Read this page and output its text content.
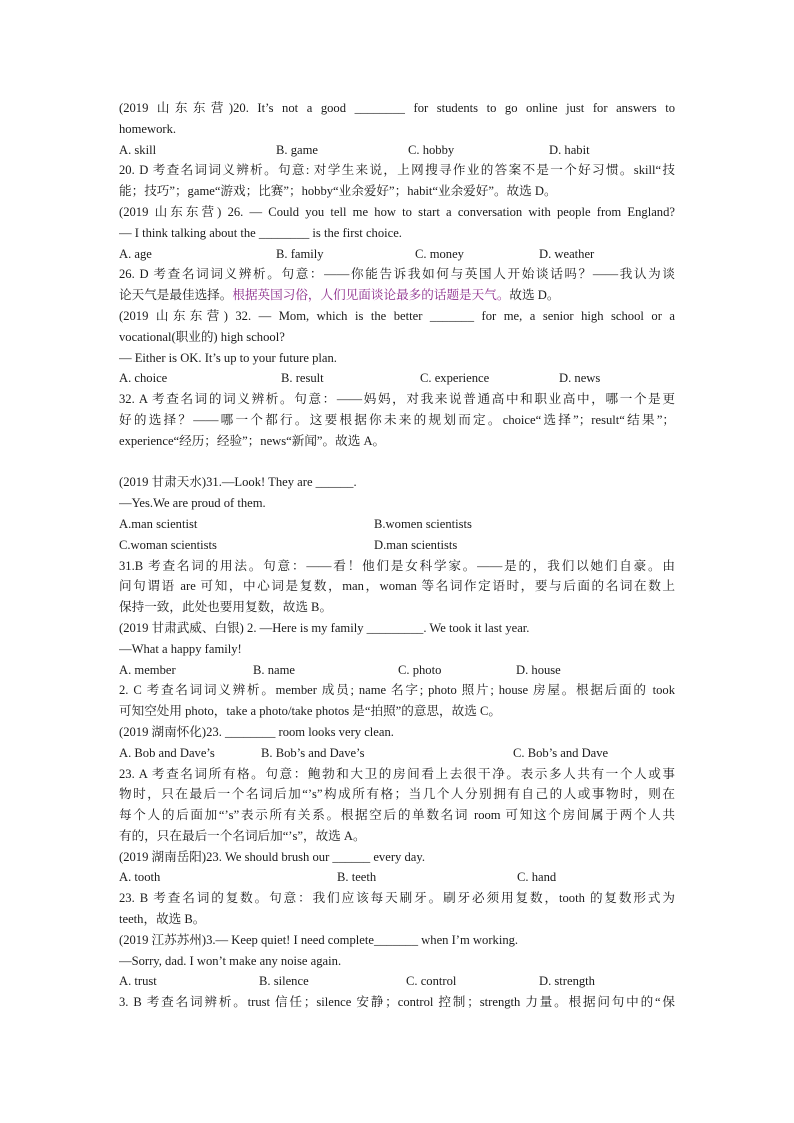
(2019 山东东营)20. It’s not a good ________ for students to go online just for answers to
homework.
A. skill	B. game	C. hobby	D. habit
20. D 考查名词词义辨析。句意: 对学生来说，上网搜寻作业的答案不是一个好习惯。skill“技
能；技巧”；game“游戏；比赛”；hobby“业余爱好”；habit“业余爱好”。故选 D。
(2019 山东东营) 26. — Could you tell me how to start a conversation with people from England?
— I think talking about the ________ is the first choice.
A. age	B. family	C. money	D. weather
26. D 考查名词词义辨析。句意：——你能告诉我如何与英国人开始谈话吗？——我认为谈
论天气是最佳选择。根据英国习俗，人们见面谈论最多的话题是天气。故选 D。
(2019 山东东营) 32. — Mom, which is the better _______ for me, a senior high school or a
vocational(职业的) high school?
— Either is OK. It’s up to your future plan.
A. choice	B. result	C. experience	D. news
32. A 考查名词的词义辨析。句意：——妈妈，对我来说普通高中和职业高中，哪一个是更
好的选择？——哪一个都行。这要根据你未来的规划而定。choice“选择”；result“结果”；
experience“经历；经验”；news“新闻”。故选 A。
(2019 甘肃天水)31.—Look! They are ______.
—Yes.We are proud of them.
A.man scientist	B.women scientists
C.woman scientists	D.man scientists
31.B 考查名词的用法。句意：——看！他们是女科学家。——是的，我们以她们自豪。由
问句谓语 are 可知，中心词是复数，man，woman 等名词作定语时，要与后面的名词在数上
保持一致，此处也要用复数，故选 B。
(2019 甘肃武威、白银) 2. —Here is my family _________. We took it last year.
—What a happy family!
A. member	B. name	C. photo	D. house
2. C 考查名词词义辨析。member 成员; name 名字; photo 照片; house 房屋。根据后面的 took
可知空处用 photo，take a photo/take photos 是“拍照”的意思，故选 C。
(2019 湖南怀化)23. ________ room looks very clean.
A. Bob and Dave’s	B. Bob’s and Dave’s	C. Bob’s and Dave
23. A 考查名词所有格。句意：鲍勃和大卫的房间看上去很干净。表示多人共有一个人或事
物时，只在最后一个名词后加“’s”构成所有格；当几个人分别拥有自己的人或事物时，则在
每个人的后面加“’s”表示所有关系。根据空后的单数名词 room 可知这个房间属于两个人共
有的，只在最后一个名词后加“’s”，故选 A。
(2019 湖南岳阳)23. We should brush our ______ every day.
A. tooth	B. teeth	C. hand
23. B 考查名词的复数。句意：我们应该每天刷牙。刷牙必须用复数，tooth 的复数形式为
teeth，故选 B。
(2019 江苏苏州)3.— Keep quiet! I need complete_______ when I’m working.
—Sorry, dad. I won’t make any noise again.
A. trust	B. silence	C. control	D. strength
3. B 考查名词辨析。trust 信任；silence 安静；control 控制；strength 力量。根据问句中的“保
